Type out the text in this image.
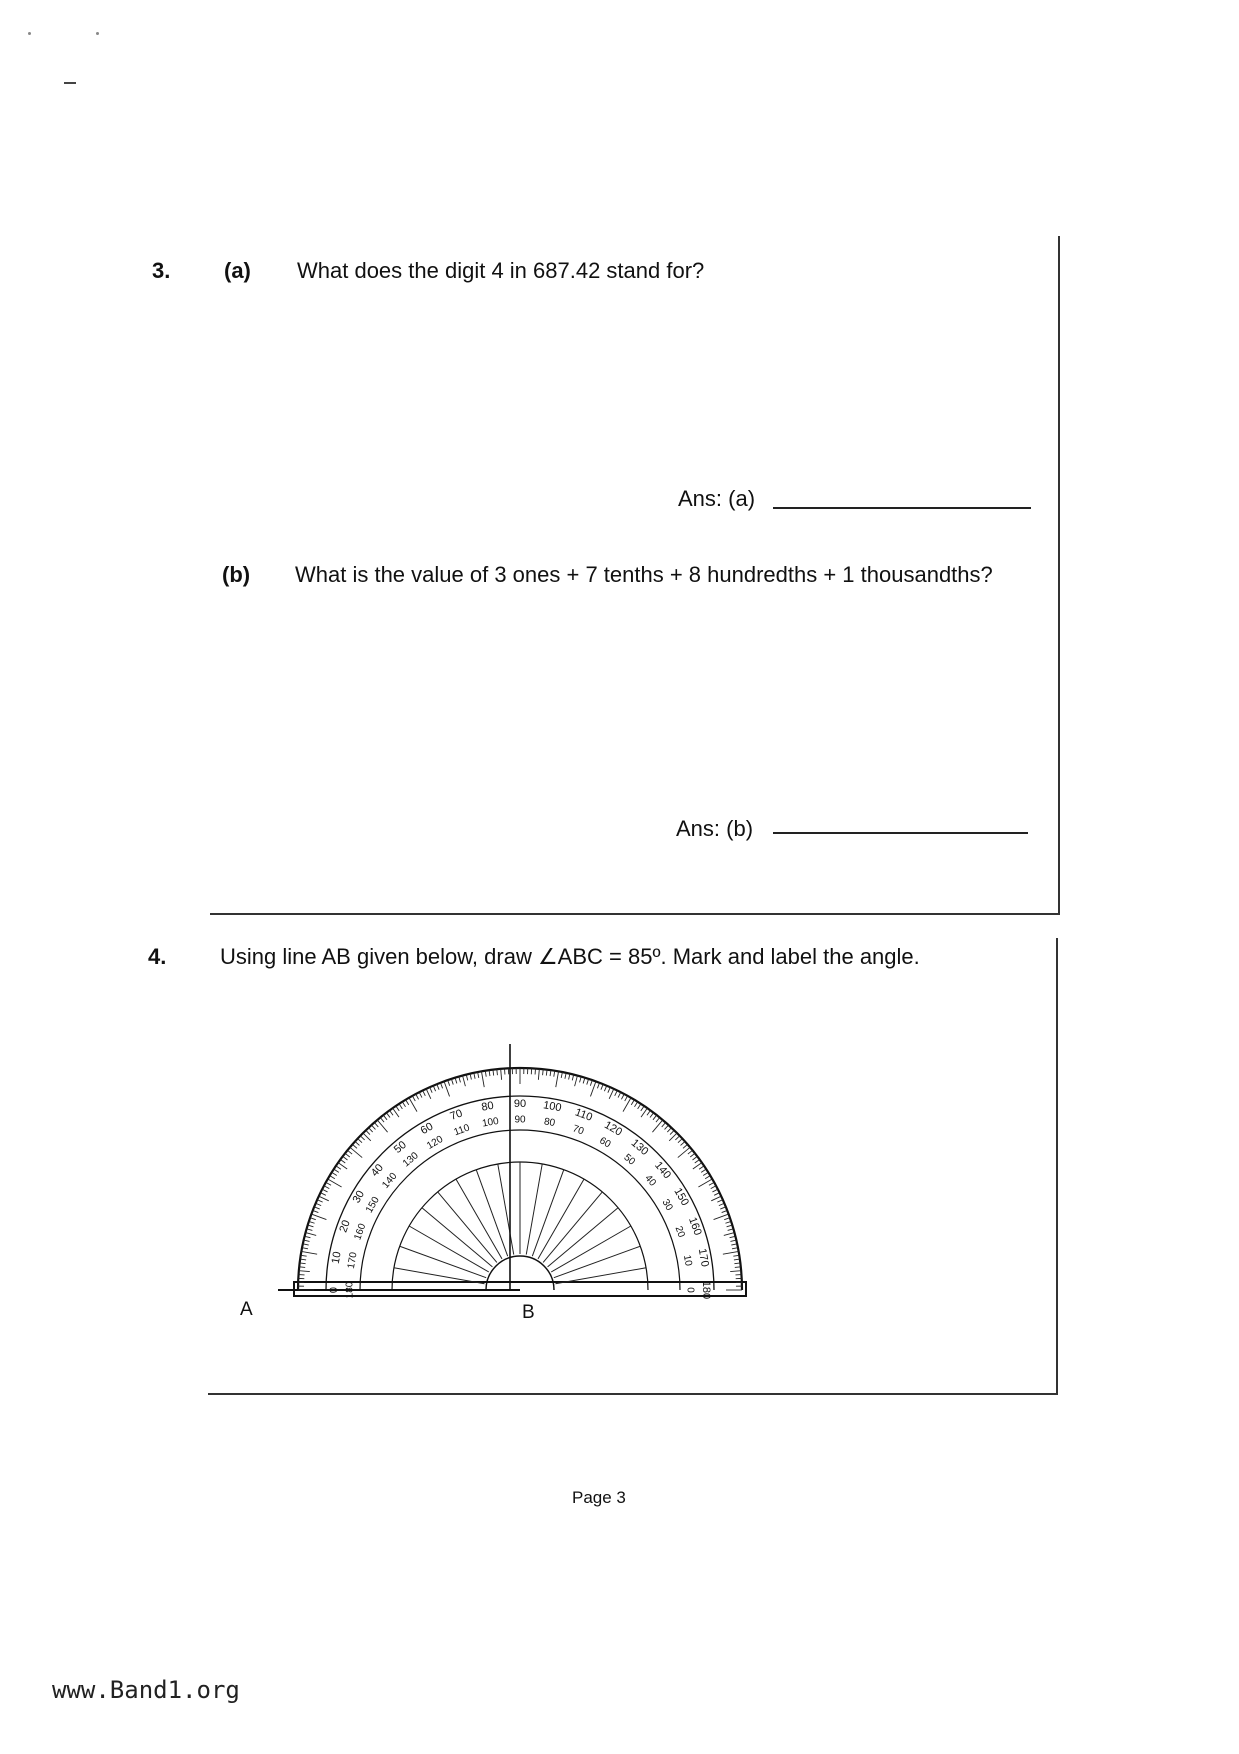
3. (a) What does the digit 4 in 687.42 stand for?
Ans: (a)
(b) What is the value of 3 ones + 7 tenths + 8 hundredths + 1 thousandths?
Ans: (b)
4. Using line AB given below, draw ∠ABC = 85º. Mark and label the angle.
0
10
20
30
40
50
60
70
80 90 100 110
120
130
140
150
160
170
180
180
170
160
150
140
130
120
110 100 90 80
70
60
50
40
30
20
10
0
A	B
Page 3
www.Band1.org
